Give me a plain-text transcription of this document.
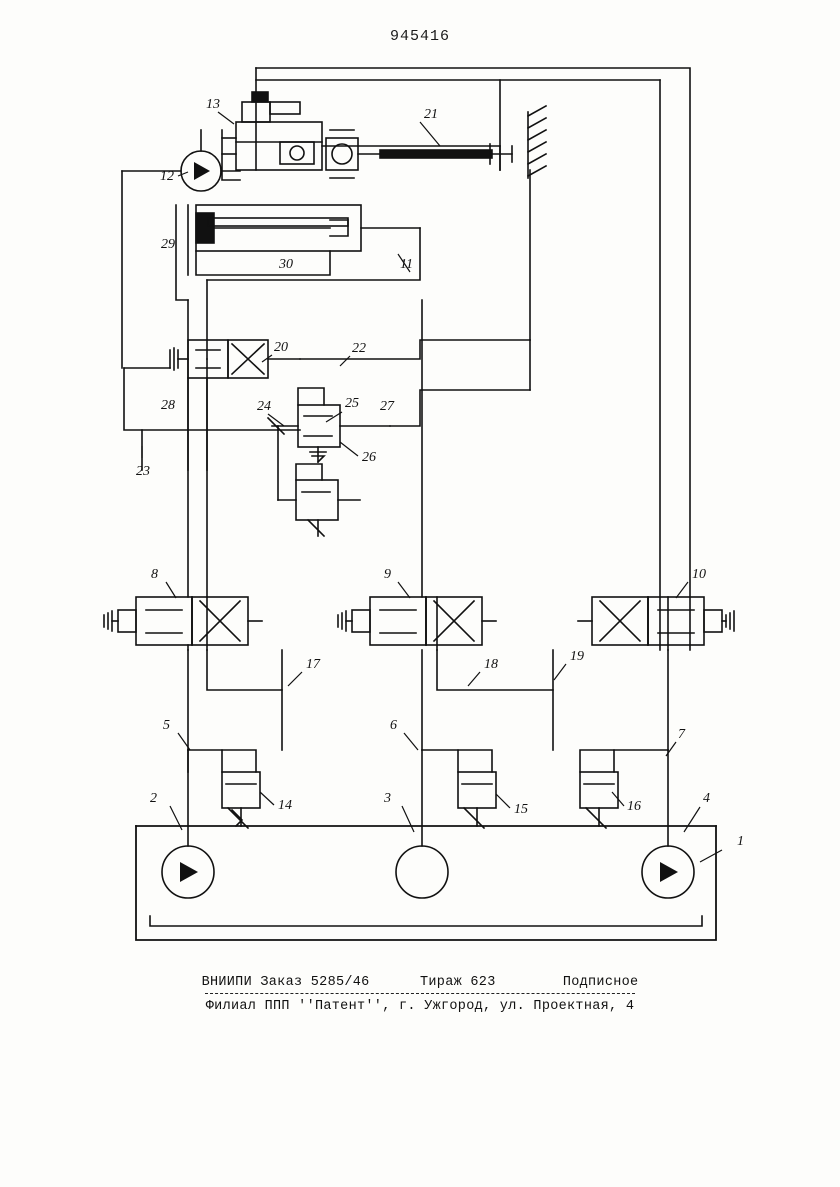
945416
1
2	3	4
5	6
7
8	9	10
11
12
13
14	15	16
17	18
19
20
21
22
23
24	25
26
27
28
29
30
ВНИИПИ Заказ 5285/46      Тираж 623        Подписное
Филиал ППП ''Патент'', г. Ужгород, ул. Проектная, 4
